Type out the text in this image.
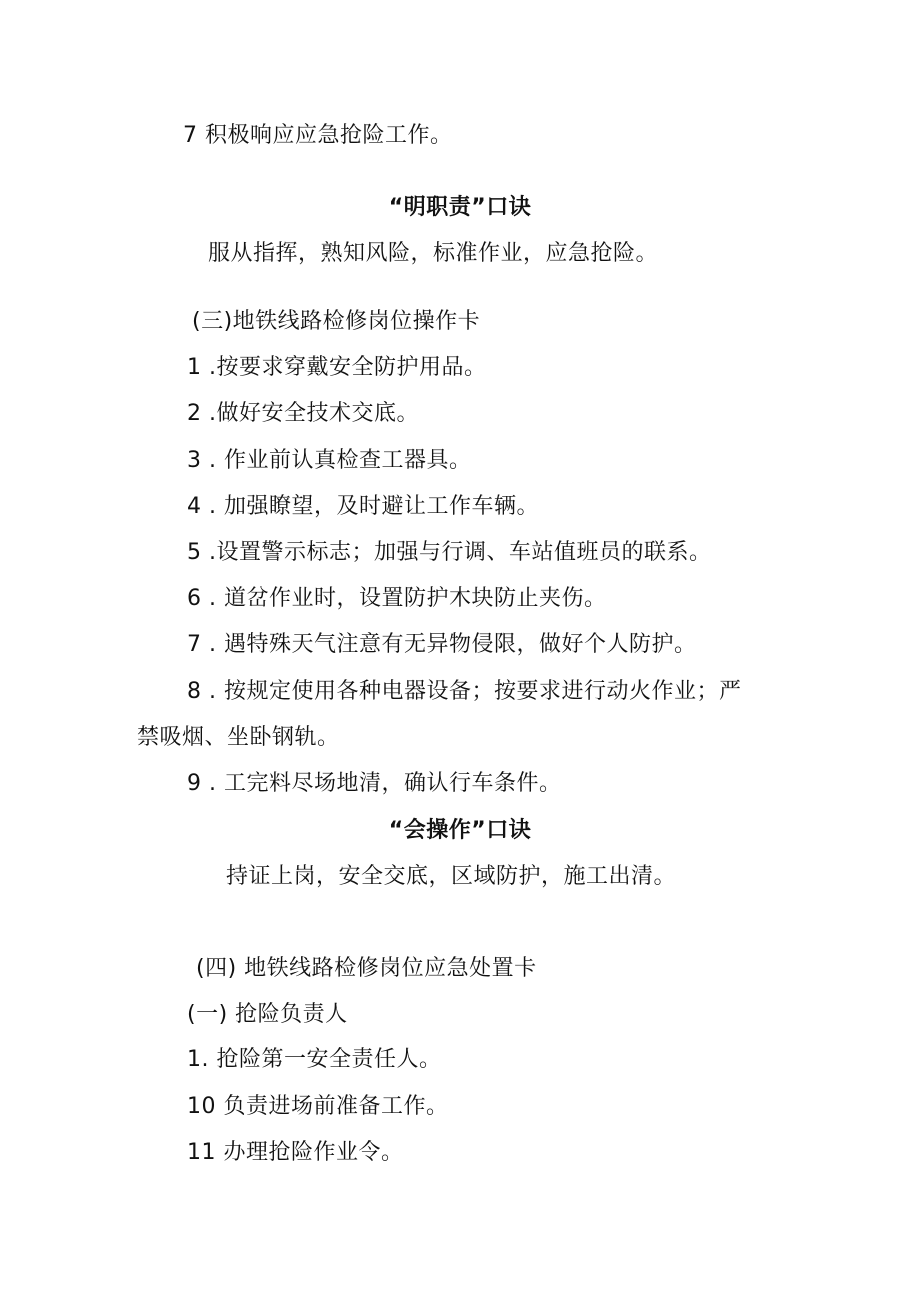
7 积极响应应急抢险工作。
“明职责”口诀
服从指挥，熟知风险，标准作业，应急抢险。
(三)地铁线路检修岗位操作卡
1 .按要求穿戴安全防护用品。
2 .做好安全技术交底。
3 . 作业前认真检查工器具。
4 . 加强瞭望，及时避让工作车辆。
5 .设置警示标志；加强与行调、车站值班员的联系。
6 . 道岔作业时，设置防护木块防止夹伤。
7 . 遇特殊天气注意有无异物侵限，做好个人防护。
8 . 按规定使用各种电器设备；按要求进行动火作业；严
禁吸烟、坐卧钢轨。
9 . 工完料尽场地清，确认行车条件。
“会操作”口诀
持证上岗，安全交底，区域防护，施工出清。
(四) 地铁线路检修岗位应急处置卡
(一) 抢险负责人
1. 抢险第一安全责任人。
10 负责进场前准备工作。
11 办理抢险作业令。
